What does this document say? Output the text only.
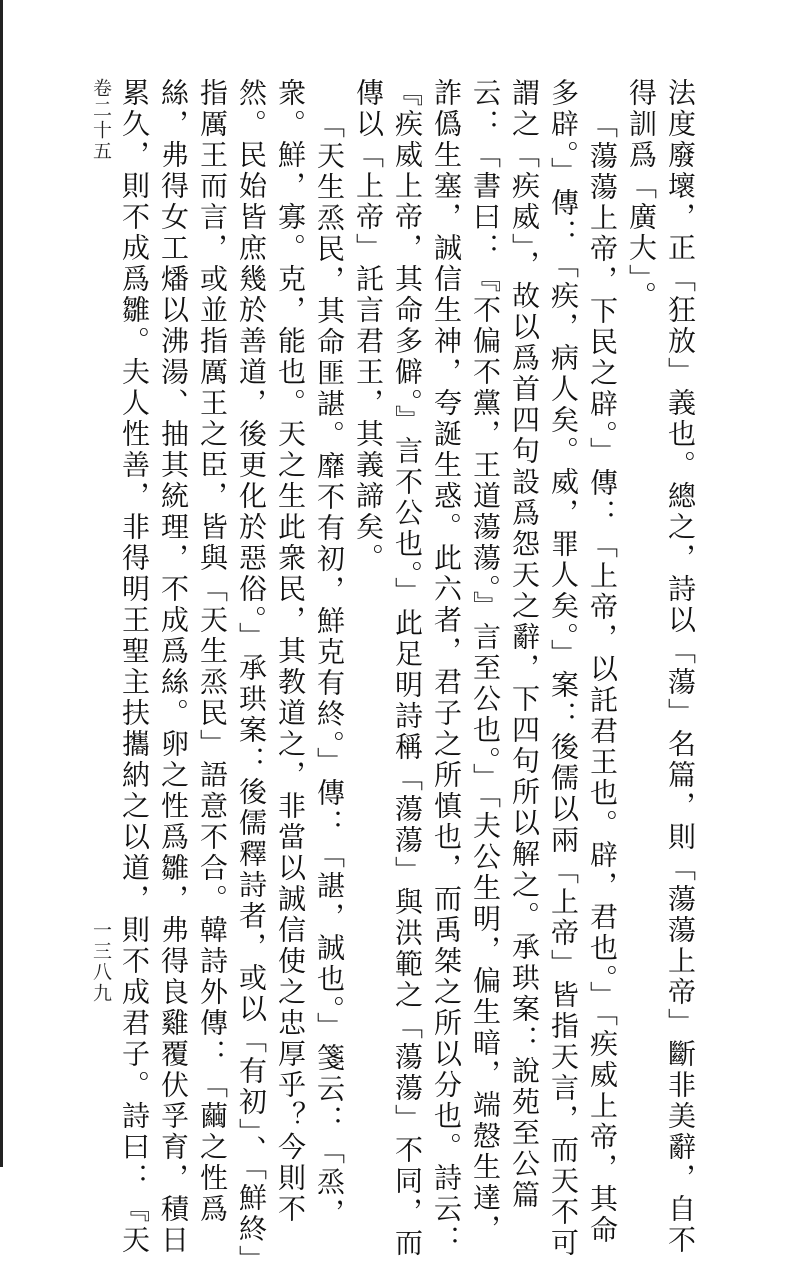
法度廢壞，正「狂放」義也。總之，詩以「蕩」名篇，則「蕩蕩上帝」斷非美辭，自不
得訓爲「廣大」。
「蕩蕩上帝，下民之辟。」傳：「上帝，以託君王也。辟，君也。」「疾威上帝，其命
多辟。」傳：「疾，病人矣。威，罪人矣。」案：後儒以兩「上帝」皆指天言，而天不可
謂之「疾威」，故以爲首四句設爲怨天之辭，下四句所以解之。承珙案：說苑至公篇
云：「書曰：『不偏不黨，王道蕩蕩。』言至公也。」「夫公生明，偏生暗，端慤生達，
詐僞生塞，誠信生神，夸誕生惑。此六者，君子之所慎也，而禹桀之所以分也。詩云：
『疾威上帝，其命多僻。』言不公也。」此足明詩稱「蕩蕩」與洪範之「蕩蕩」不同，而
傳以「上帝」託言君王，其義諦矣。
「天生烝民，其命匪諶。靡不有初，鮮克有終。」傳：「諶，誠也。」箋云：「烝，
衆。鮮，寡。克，能也。天之生此衆民，其教道之，非當以誠信使之忠厚乎？今則不
然。民始皆庶幾於善道，後更化於惡俗。」承珙案：後儒釋詩者，或以「有初」、「鮮終」
指厲王而言，或並指厲王之臣，皆與「天生烝民」語意不合。韓詩外傳：「繭之性爲
絲，弗得女工燔以沸湯、抽其統理，不成爲絲。卵之性爲雛，弗得良雞覆伏孚育，積日
累久，則不成爲雛。夫人性善，非得明王聖主扶攜納之以道，則不成君子。詩曰：『天
卷二十五
一三八九
